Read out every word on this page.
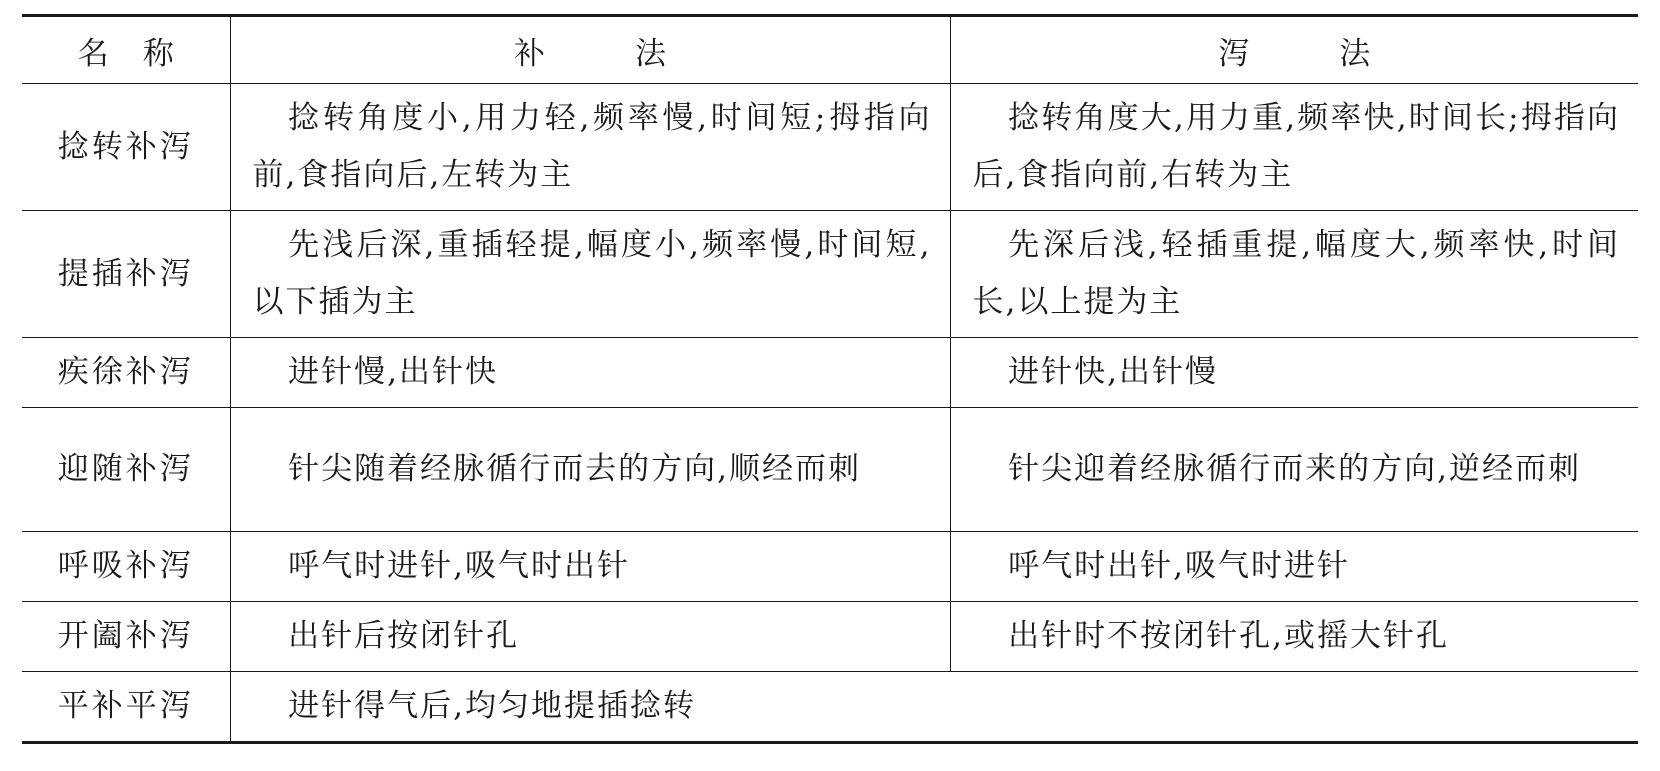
名称	补法	泻法
捻转补泻	捻转角度小,用力轻,频率慢,时间短;拇指向前,食指向后,左转为主	捻转角度大,用力重,频率快,时间长;拇指向后,食指向前,右转为主

提插补泻	先浅后深,重插轻提,幅度小,频率慢,时间短,以下插为主	先深后浅,轻插重提,幅度大,频率快,时间长,以上提为主

疾徐补泻	进针慢,出针快	进针快,出针慢

迎随补泻	针尖随着经脉循行而去的方向,顺经而刺	针尖迎着经脉循行而来的方向,逆经而刺

呼吸补泻	呼气时进针,吸气时出针	呼气时出针,吸气时进针

开阖补泻	出针后按闭针孔	出针时不按闭针孔,或摇大针孔

平补平泻	进针得气后,均匀地提插捻转	
